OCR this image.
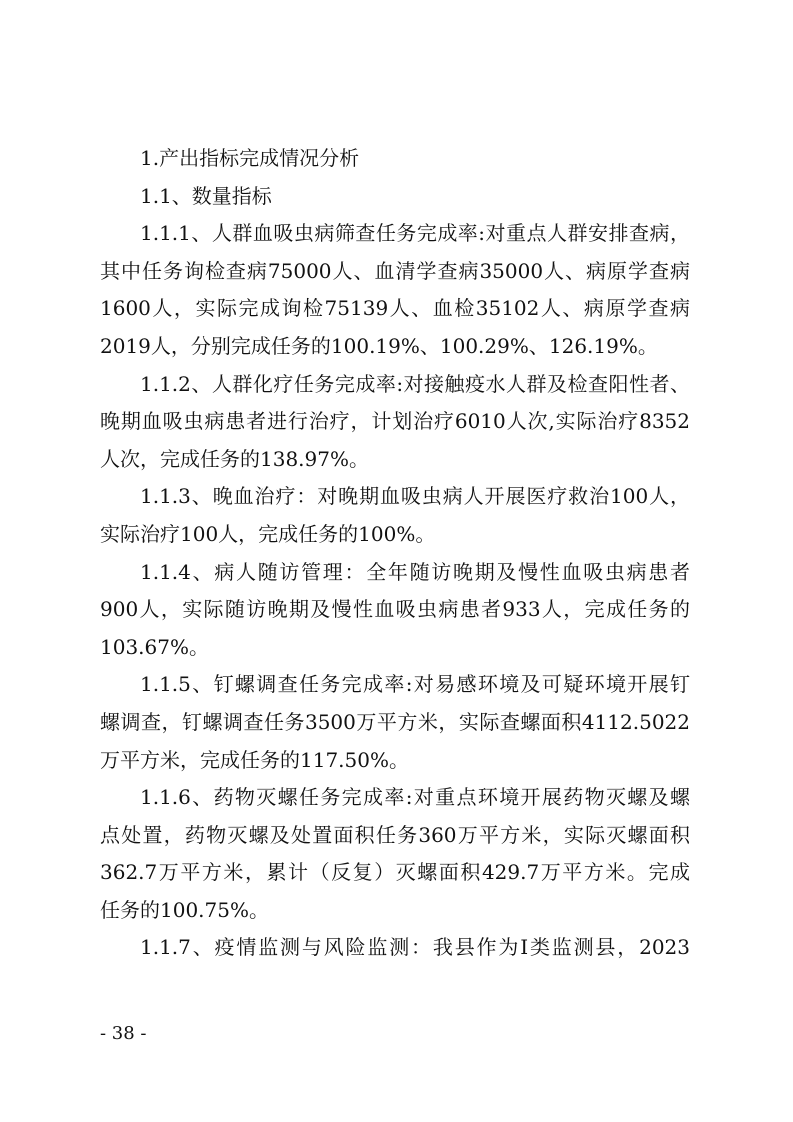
1.产出指标完成情况分析
1.1、数量指标
1.1.1、人群血吸虫病筛查任务完成率:对重点人群安排查病，
其中任务询检查病75000人、血清学查病35000人、病原学查病
1600人，实际完成询检75139人、血检35102人、病原学查病
2019人，分别完成任务的100.19%、100.29%、126.19%。
1.1.2、人群化疗任务完成率:对接触疫水人群及检查阳性者、
晚期血吸虫病患者进行治疗，计划治疗6010人次,实际治疗8352
人次，完成任务的138.97%。
1.1.3、晚血治疗：对晚期血吸虫病人开展医疗救治100人，
实际治疗100人，完成任务的100%。
1.1.4、病人随访管理：全年随访晚期及慢性血吸虫病患者
900人，实际随访晚期及慢性血吸虫病患者933人，完成任务的
103.67%。
1.1.5、钉螺调查任务完成率:对易感环境及可疑环境开展钉
螺调查，钉螺调查任务3500万平方米，实际查螺面积4112.5022
万平方米，完成任务的117.50%。
1.1.6、药物灭螺任务完成率:对重点环境开展药物灭螺及螺
点处置，药物灭螺及处置面积任务360万平方米，实际灭螺面积
362.7万平方米，累计（反复）灭螺面积429.7万平方米。完成
任务的100.75%。
1.1.7、疫情监测与风险监测：我县作为Ⅰ类监测县，2023
- 38 -
